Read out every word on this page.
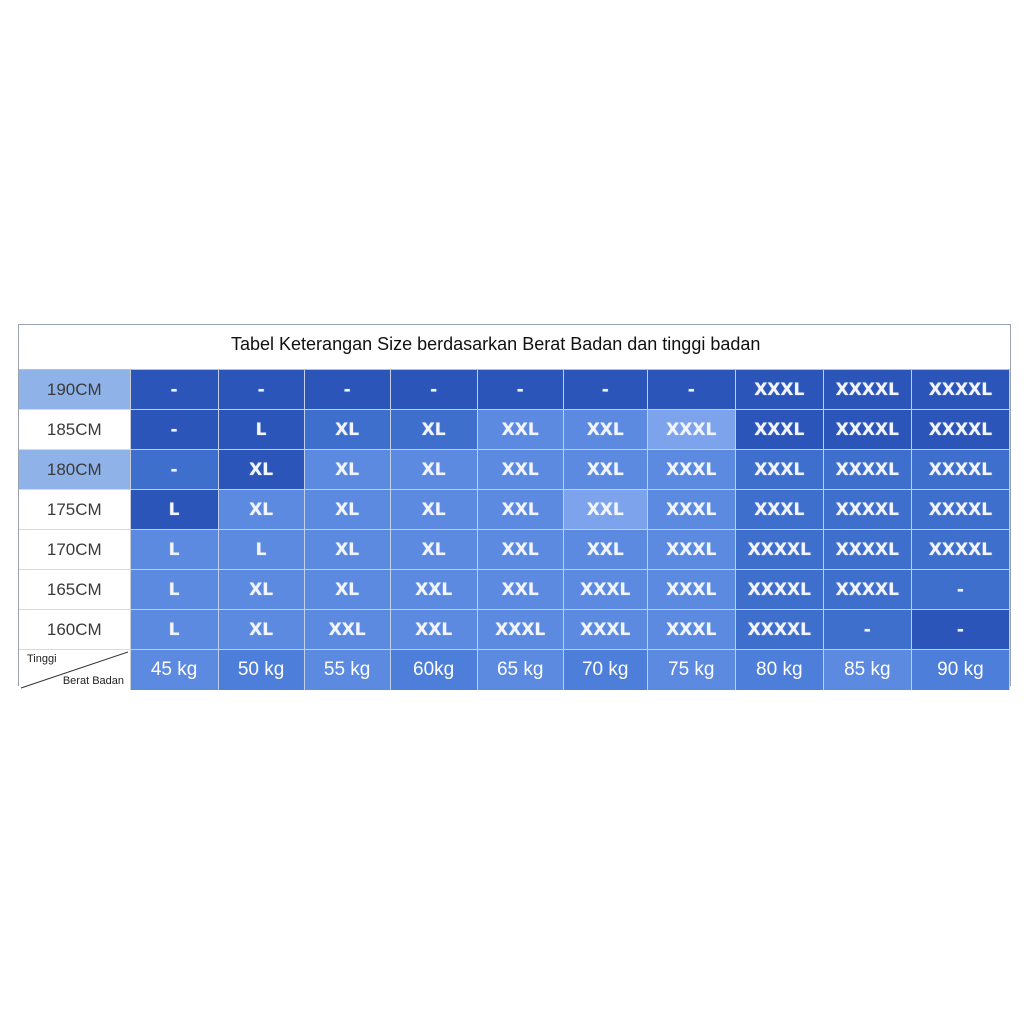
Tabel Keterangan Size berdasarkan Berat Badan dan tinggi badan
190CM	-	-	-	-	-	-	-	XXXL	XXXXL	XXXXL
185CM	-	L	XL	XL	XXL	XXL	XXXL	XXXL	XXXXL	XXXXL
180CM	-	XL	XL	XL	XXL	XXL	XXXL	XXXL	XXXXL	XXXXL
175CM	L	XL	XL	XL	XXL	XXL	XXXL	XXXL	XXXXL	XXXXL
170CM	L	L	XL	XL	XXL	XXL	XXXL	XXXXL	XXXXL	XXXXL
165CM	L	XL	XL	XXL	XXL	XXXL	XXXL	XXXXL	XXXXL	-
160CM	L	XL	XXL	XXL	XXXL	XXXL	XXXL	XXXXL	-	-

Tinggi
Berat Badan	45 kg	50 kg	55 kg	60kg	65 kg	70 kg	75 kg	80 kg	85 kg	90 kg
